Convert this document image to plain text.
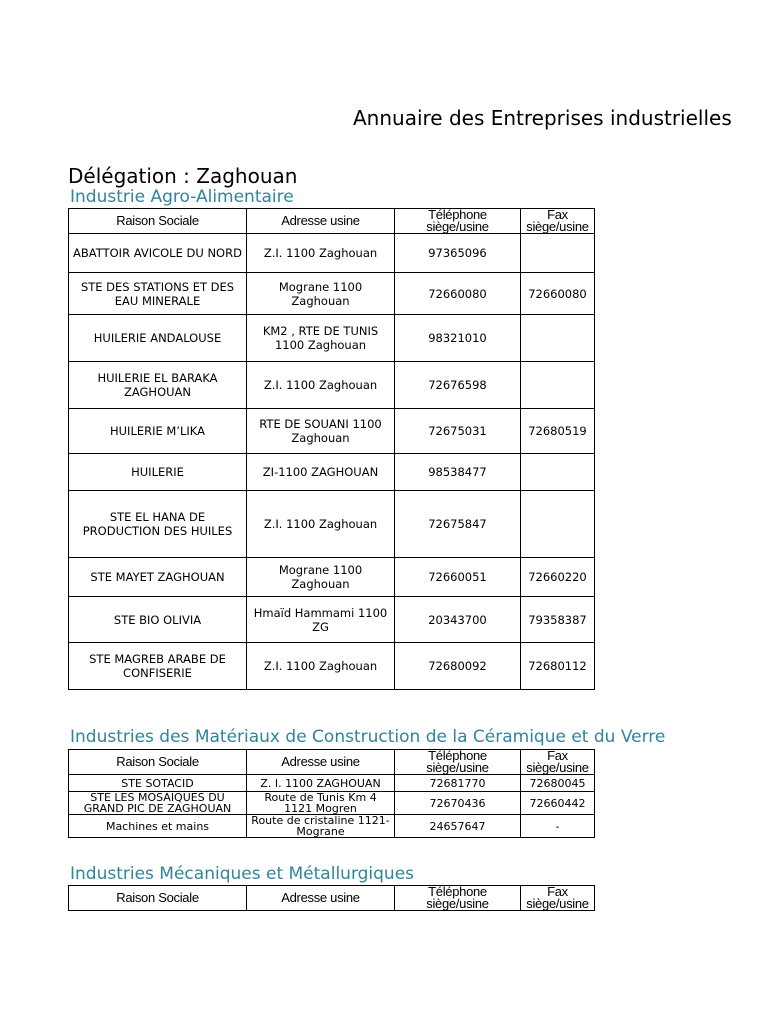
Annuaire des Entreprises industrielles
Délégation : Zaghouan
Industrie Agro-Alimentaire
Raison Sociale	Adresse usine	Téléphone siège/usine	Fax siège/usine
ABATTOIR AVICOLE DU NORD	Z.I. 1100 Zaghouan	97365096	
STE DES STATIONS ET DES EAU MINERALE	Mograne 1100 Zaghouan	72660080	72660080
HUILERIE ANDALOUSE	KM2 , RTE DE TUNIS 1100 Zaghouan	98321010	
HUILERIE EL BARAKA ZAGHOUAN	Z.I. 1100 Zaghouan	72676598	
HUILERIE M’LIKA	RTE DE SOUANI 1100 Zaghouan	72675031	72680519
HUILERIE	ZI-1100 ZAGHOUAN	98538477	
STE EL HANA DE PRODUCTION DES HUILES	Z.I. 1100 Zaghouan	72675847	
STE MAYET ZAGHOUAN	Mograne 1100 Zaghouan	72660051	72660220
STE BIO OLIVIA	Hmaïd Hammami 1100 ZG	20343700	79358387
STE MAGREB ARABE DE CONFISERIE	Z.I. 1100 Zaghouan	72680092	72680112
Industries des Matériaux de Construction de la Céramique et du Verre
Raison Sociale	Adresse usine	Téléphone siège/usine	Fax siège/usine
STE SOTACID	Z. I. 1100 ZAGHOUAN	72681770	72680045
STE LES MOSAIQUES DU GRAND PIC DE ZAGHOUAN	Route de Tunis Km 4 1121 Mogren	72670436	72660442
Machines et mains	Route de cristaline 1121-Mograne	24657647	-
Industries Mécaniques et Métallurgiques
Raison Sociale	Adresse usine	Téléphone siège/usine	Fax siège/usine
